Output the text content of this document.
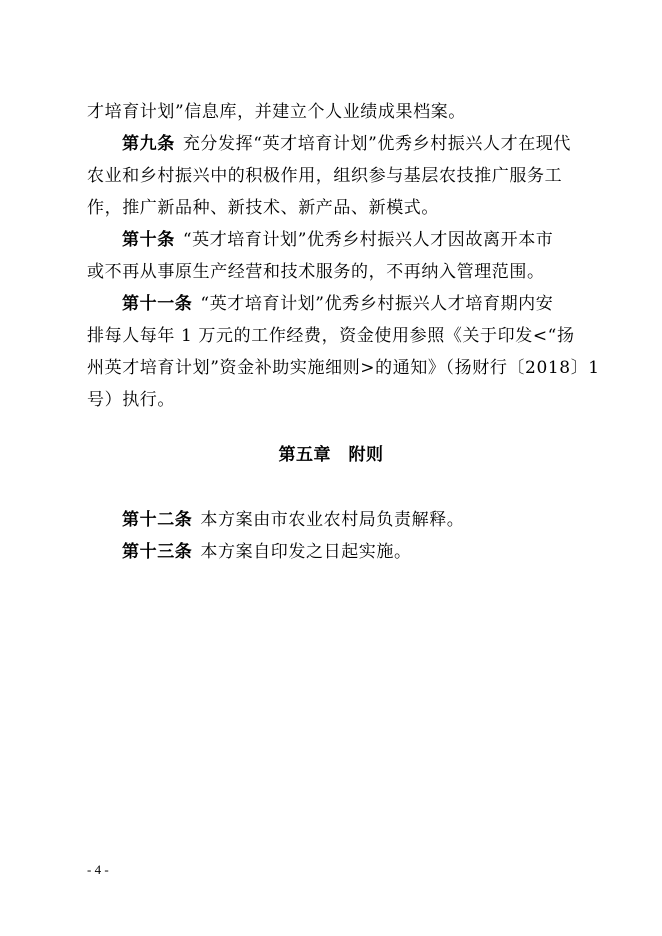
才培育计划”信息库，并建立个人业绩成果档案。
第九条 充分发挥“英才培育计划”优秀乡村振兴人才在现代
农业和乡村振兴中的积极作用，组织参与基层农技推广服务工
作，推广新品种、新技术、新产品、新模式。
第十条 “英才培育计划”优秀乡村振兴人才因故离开本市
或不再从事原生产经营和技术服务的，不再纳入管理范围。
第十一条 “英才培育计划”优秀乡村振兴人才培育期内安
排每人每年 1 万元的工作经费，资金使用参照《关于印发<“扬
州英才培育计划”资金补助实施细则>的通知》（扬财行〔2018〕1
号）执行。
第五章　附则
第十二条 本方案由市农业农村局负责解释。
第十三条 本方案自印发之日起实施。
- 4 -
